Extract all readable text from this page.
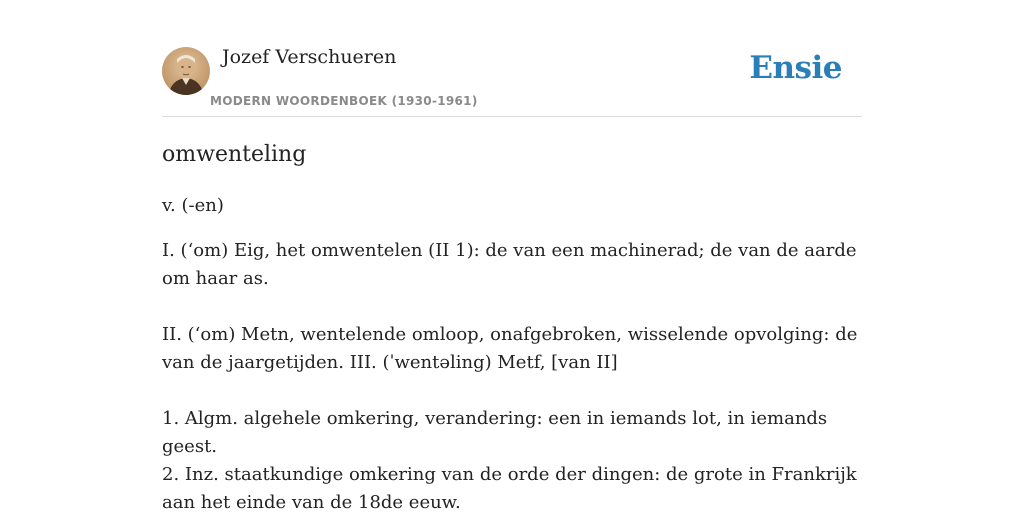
Jozef Verschueren
MODERN WOORDENBOEK (1930-1961)
Ensie
omwenteling
v. (-en)

I. (ʻom) Eig, het omwentelen (II 1): de van een machinerad; de van de aarde om haar as.

II. (ʻom) Metn, wentelende omloop, onafgebroken, wisselende opvolging: de van de jaargetijden. III. (ˈwentəling) Metf, [van II]

1. Algm. algehele omkering, verandering: een in iemands lot, in iemands geest.

2. Inz. staatkundige omkering van de orde der dingen: de grote in Frankrijk aan het einde van de 18de eeuw.
